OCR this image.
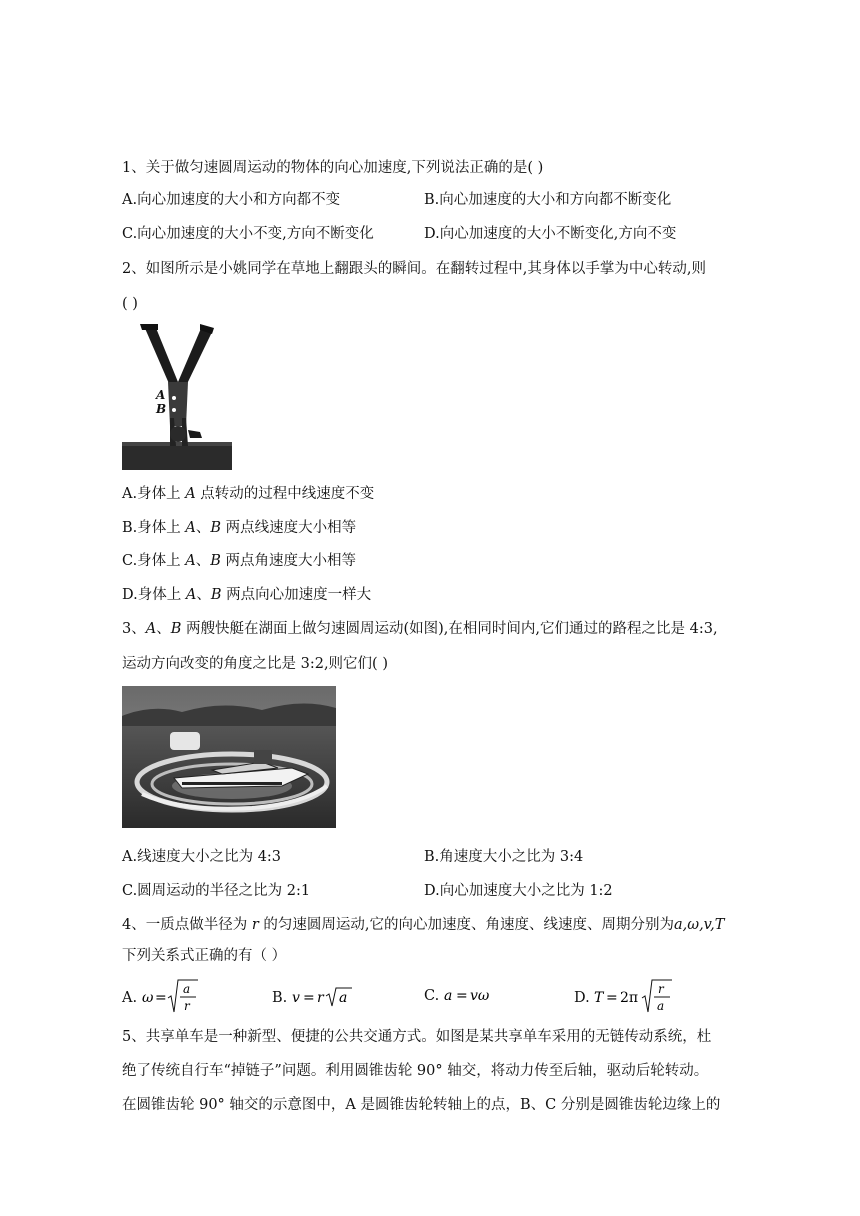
1、关于做匀速圆周运动的物体的向心加速度,下列说法正确的是( )
A.向心加速度的大小和方向都不变	B.向心加速度的大小和方向都不断变化
C.向心加速度的大小不变,方向不断变化	D.向心加速度的大小不断变化,方向不变
2、如图所示是小姚同学在草地上翻跟头的瞬间。在翻转过程中,其身体以手掌为中心转动,则
( )
A
B
A.身体上 A 点转动的过程中线速度不变
B.身体上 A、B 两点线速度大小相等
C.身体上 A、B 两点角速度大小相等
D.身体上 A、B 两点向心加速度一样大
3、A、B 两艘快艇在湖面上做匀速圆周运动(如图),在相同时间内,它们通过的路程之比是 4:3,
运动方向改变的角度之比是 3:2,则它们( )
A.线速度大小之比为 4:3	B.角速度大小之比为 3:4
C.圆周运动的半径之比为 2:1	D.向心加速度大小之比为 1:2
4、一质点做半径为 r 的匀速圆周运动,它的向心加速度、角速度、线速度、周期分别为a,ω,v,T
下列关系式正确的有（ ）
A. ω =
a
r	B. v = r a	C. a = vω	D. T = 2π
r
a
5、共享单车是一种新型、便捷的公共交通方式。如图是某共享单车采用的无链传动系统，杜
绝了传统自行车“掉链子”问题。利用圆锥齿轮 90° 轴交，将动力传至后轴，驱动后轮转动。
在圆锥齿轮 90° 轴交的示意图中，A 是圆锥齿轮转轴上的点，B、C 分别是圆锥齿轮边缘上的
